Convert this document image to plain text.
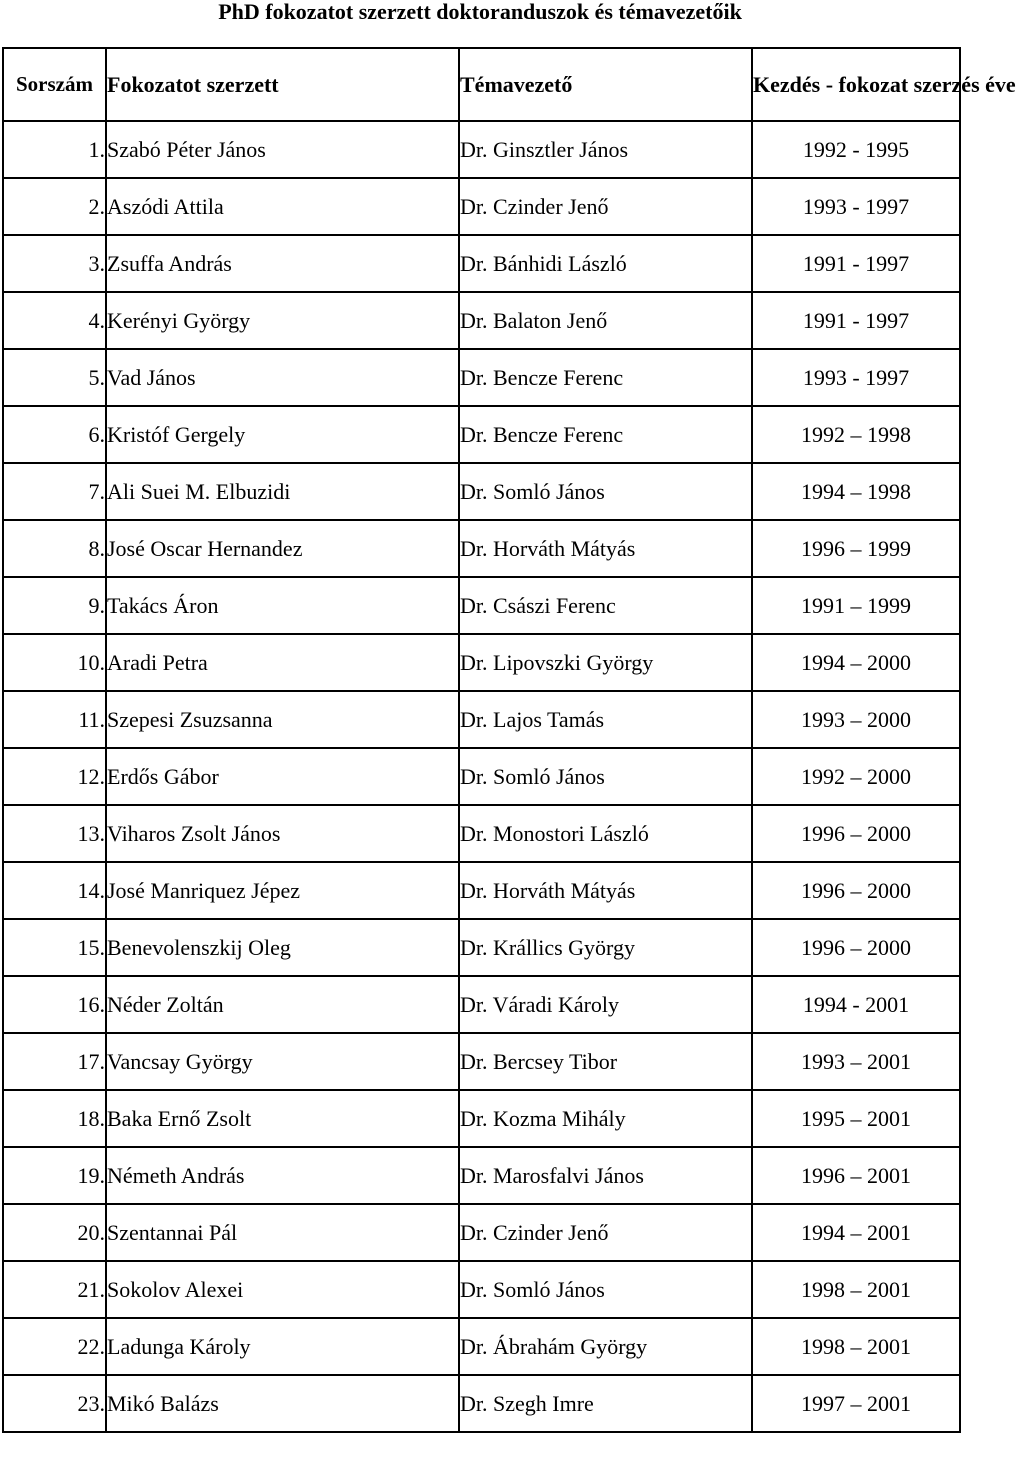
PhD fokozatot szerzett doktoranduszok és témavezetőik
Sorszám	Fokozatot szerzett	Témavezető	Kezdés - fokozat szerzés éve
1.	Szabó Péter János	Dr. Ginsztler János	1992 - 1995
2.	Aszódi Attila	Dr. Czinder Jenő	1993 - 1997
3.	Zsuffa András	Dr. Bánhidi László	1991 - 1997
4.	Kerényi György	Dr. Balaton Jenő	1991 - 1997
5.	Vad János	Dr. Bencze Ferenc	1993 - 1997
6.	Kristóf Gergely	Dr. Bencze Ferenc	1992 – 1998
7.	Ali Suei M. Elbuzidi	Dr. Somló János	1994 – 1998
8.	José Oscar Hernandez	Dr. Horváth Mátyás	1996 – 1999
9.	Takács Áron	Dr. Császi Ferenc	1991 – 1999
10.	Aradi Petra	Dr. Lipovszki György	1994 – 2000
11.	Szepesi Zsuzsanna	Dr. Lajos Tamás	1993 – 2000
12.	Erdős Gábor	Dr. Somló János	1992 – 2000
13.	Viharos Zsolt János	Dr. Monostori László	1996 – 2000
14.	José Manriquez Jépez	Dr. Horváth Mátyás	1996 – 2000
15.	Benevolenszkij Oleg	Dr. Krállics György	1996 – 2000
16.	Néder Zoltán	Dr. Váradi Károly	1994 - 2001
17.	Vancsay György	Dr. Bercsey Tibor	1993 – 2001
18.	Baka Ernő Zsolt	Dr. Kozma Mihály	1995 – 2001
19.	Németh András	Dr. Marosfalvi János	1996 – 2001
20.	Szentannai Pál	Dr. Czinder Jenő	1994 – 2001
21.	Sokolov Alexei	Dr. Somló János	1998 – 2001
22.	Ladunga Károly	Dr. Ábrahám György	1998 – 2001
23.	Mikó Balázs	Dr. Szegh Imre	1997 – 2001
